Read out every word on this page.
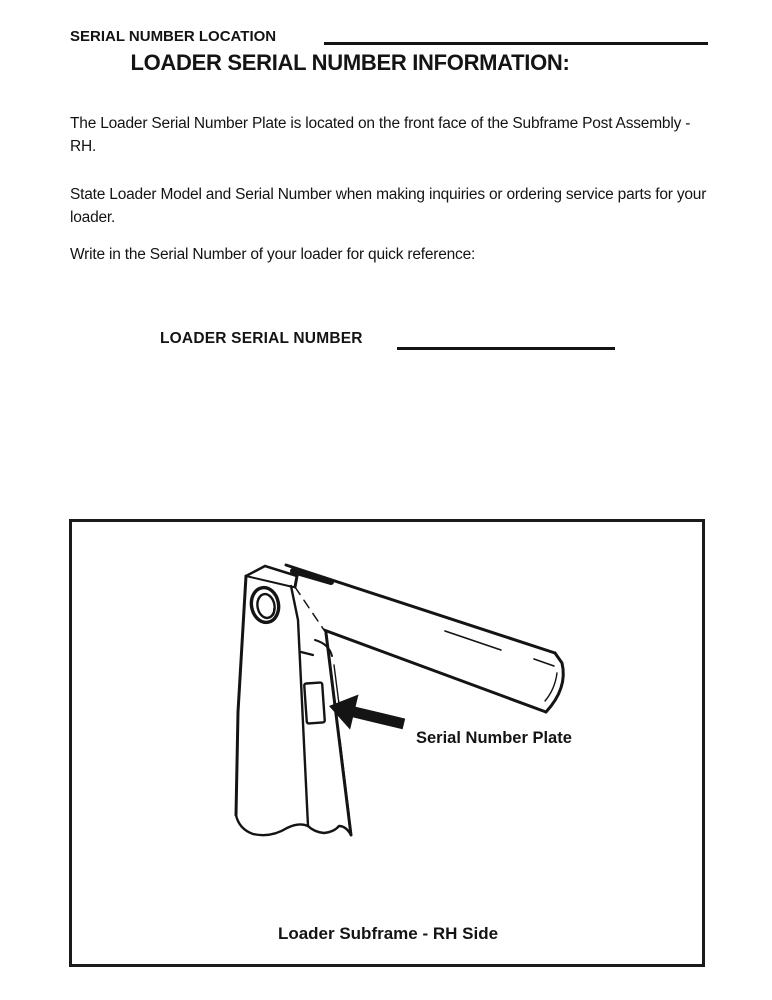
SERIAL NUMBER LOCATION
LOADER SERIAL NUMBER INFORMATION:

The Loader Serial Number Plate is located on the front face of the Subframe Post Assembly - RH.

State Loader Model and Serial Number when making inquiries or ordering service parts for your loader.

Write in the Serial Number of your loader for quick reference:

LOADER SERIAL NUMBER
Serial Number Plate
Loader Subframe - RH Side
